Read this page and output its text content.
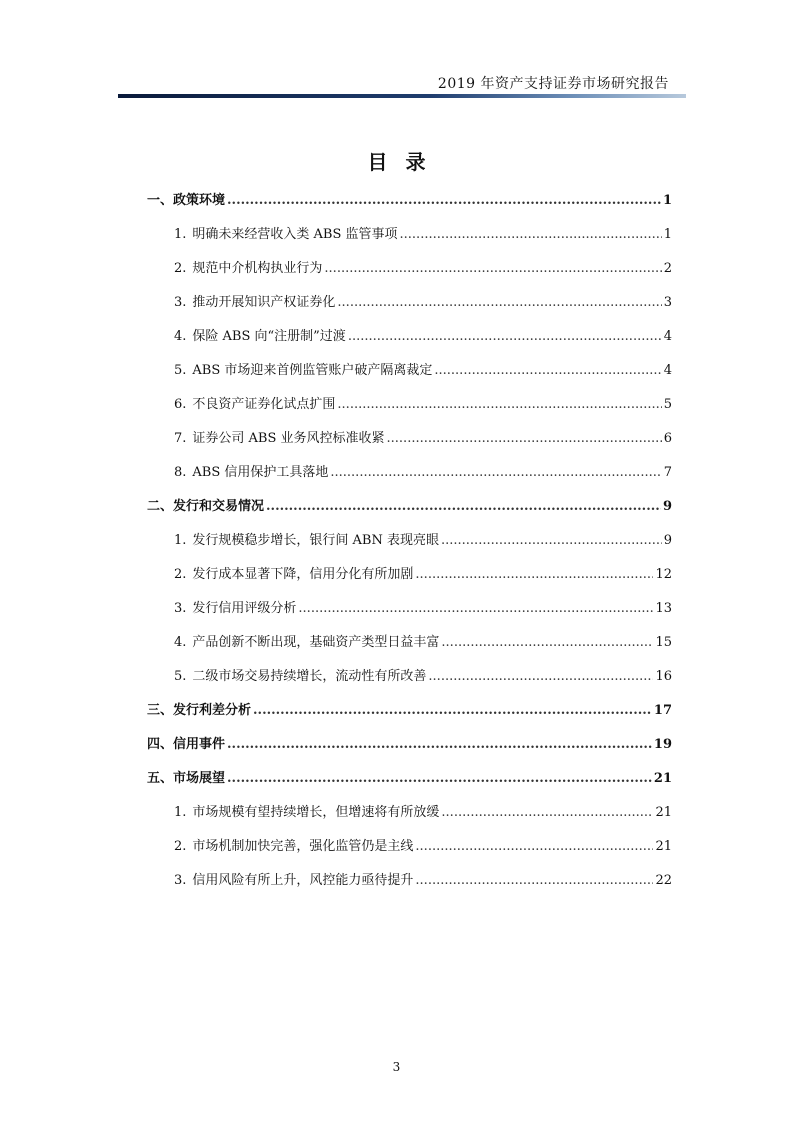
2019 年资产支持证券市场研究报告
目录
一、政策环境 .....	1
1. 明确未来经营收入类 ABS 监管事项 .....	1
2. 规范中介机构执业行为 .....	2
3. 推动开展知识产权证券化 .....	3
4. 保险 ABS 向“注册制”过渡 .....	4
5. ABS 市场迎来首例监管账户破产隔离裁定 .....	4
6. 不良资产证券化试点扩围 .....	5
7. 证券公司 ABS 业务风控标准收紧 .....	6
8. ABS 信用保护工具落地 .....	7
二、发行和交易情况 .....	9
1. 发行规模稳步增长，银行间 ABN 表现亮眼 .....	9
2. 发行成本显著下降，信用分化有所加剧 .....	12
3. 发行信用评级分析 .....	13
4. 产品创新不断出现，基础资产类型日益丰富 .....	15
5. 二级市场交易持续增长，流动性有所改善 .....	16
三、发行利差分析 .....	17
四、信用事件 .....	19
五、市场展望 .....	21
1. 市场规模有望持续增长，但增速将有所放缓 .....	21
2. 市场机制加快完善，强化监管仍是主线 .....	21
3. 信用风险有所上升，风控能力亟待提升 .....	22
3
